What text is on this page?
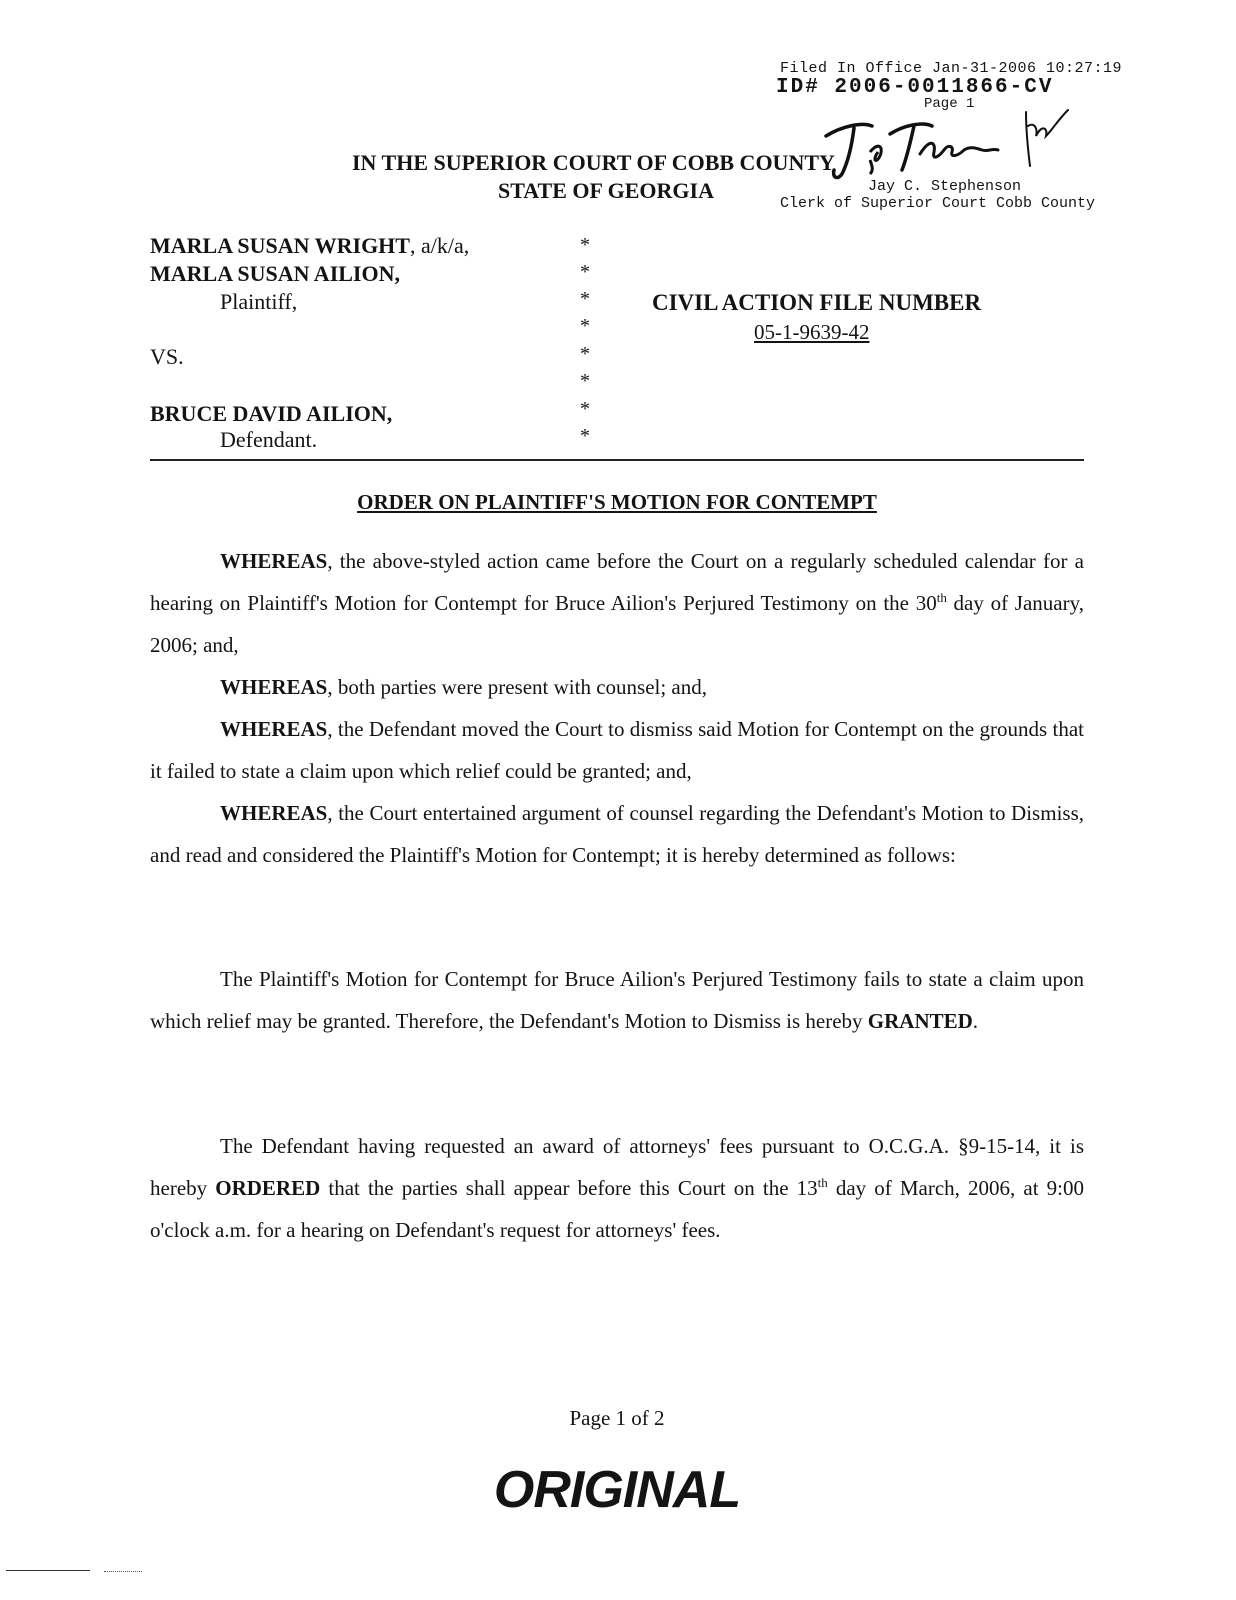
Filed In Office Jan-31-2006 10:27:19
ID# 2006-0011866-CV
Page 1
IN THE SUPERIOR COURT OF COBB COUNTY
STATE OF GEORGIA	Jay C. Stephenson
Clerk of Superior Court Cobb County
MARLA SUSAN WRIGHT, a/k/a,
MARLA SUSAN AILION,
Plaintiff,
VS.
BRUCE DAVID AILION,
Defendant.
*
*
*
*
*
*
*
*
CIVIL ACTION FILE NUMBER
05-1-9639-42
ORDER ON PLAINTIFF'S MOTION FOR CONTEMPT
WHEREAS, the above-styled action came before the Court on a regularly scheduled calendar for a hearing on Plaintiff's Motion for Contempt for Bruce Ailion's Perjured Testimony on the 30th day of January, 2006; and,
WHEREAS, both parties were present with counsel; and,
WHEREAS, the Defendant moved the Court to dismiss said Motion for Contempt on the grounds that it failed to state a claim upon which relief could be granted; and,
WHEREAS, the Court entertained argument of counsel regarding the Defendant's Motion to Dismiss, and read and considered the Plaintiff's Motion for Contempt; it is hereby determined as follows:
The Plaintiff's Motion for Contempt for Bruce Ailion's Perjured Testimony fails to state a claim upon which relief may be granted. Therefore, the Defendant's Motion to Dismiss is hereby GRANTED.
The Defendant having requested an award of attorneys' fees pursuant to O.C.G.A. §9-15-14, it is hereby ORDERED that the parties shall appear before this Court on the 13th day of March, 2006, at 9:00 o'clock a.m. for a hearing on Defendant's request for attorneys' fees.
Page 1 of 2
ORIGINAL
